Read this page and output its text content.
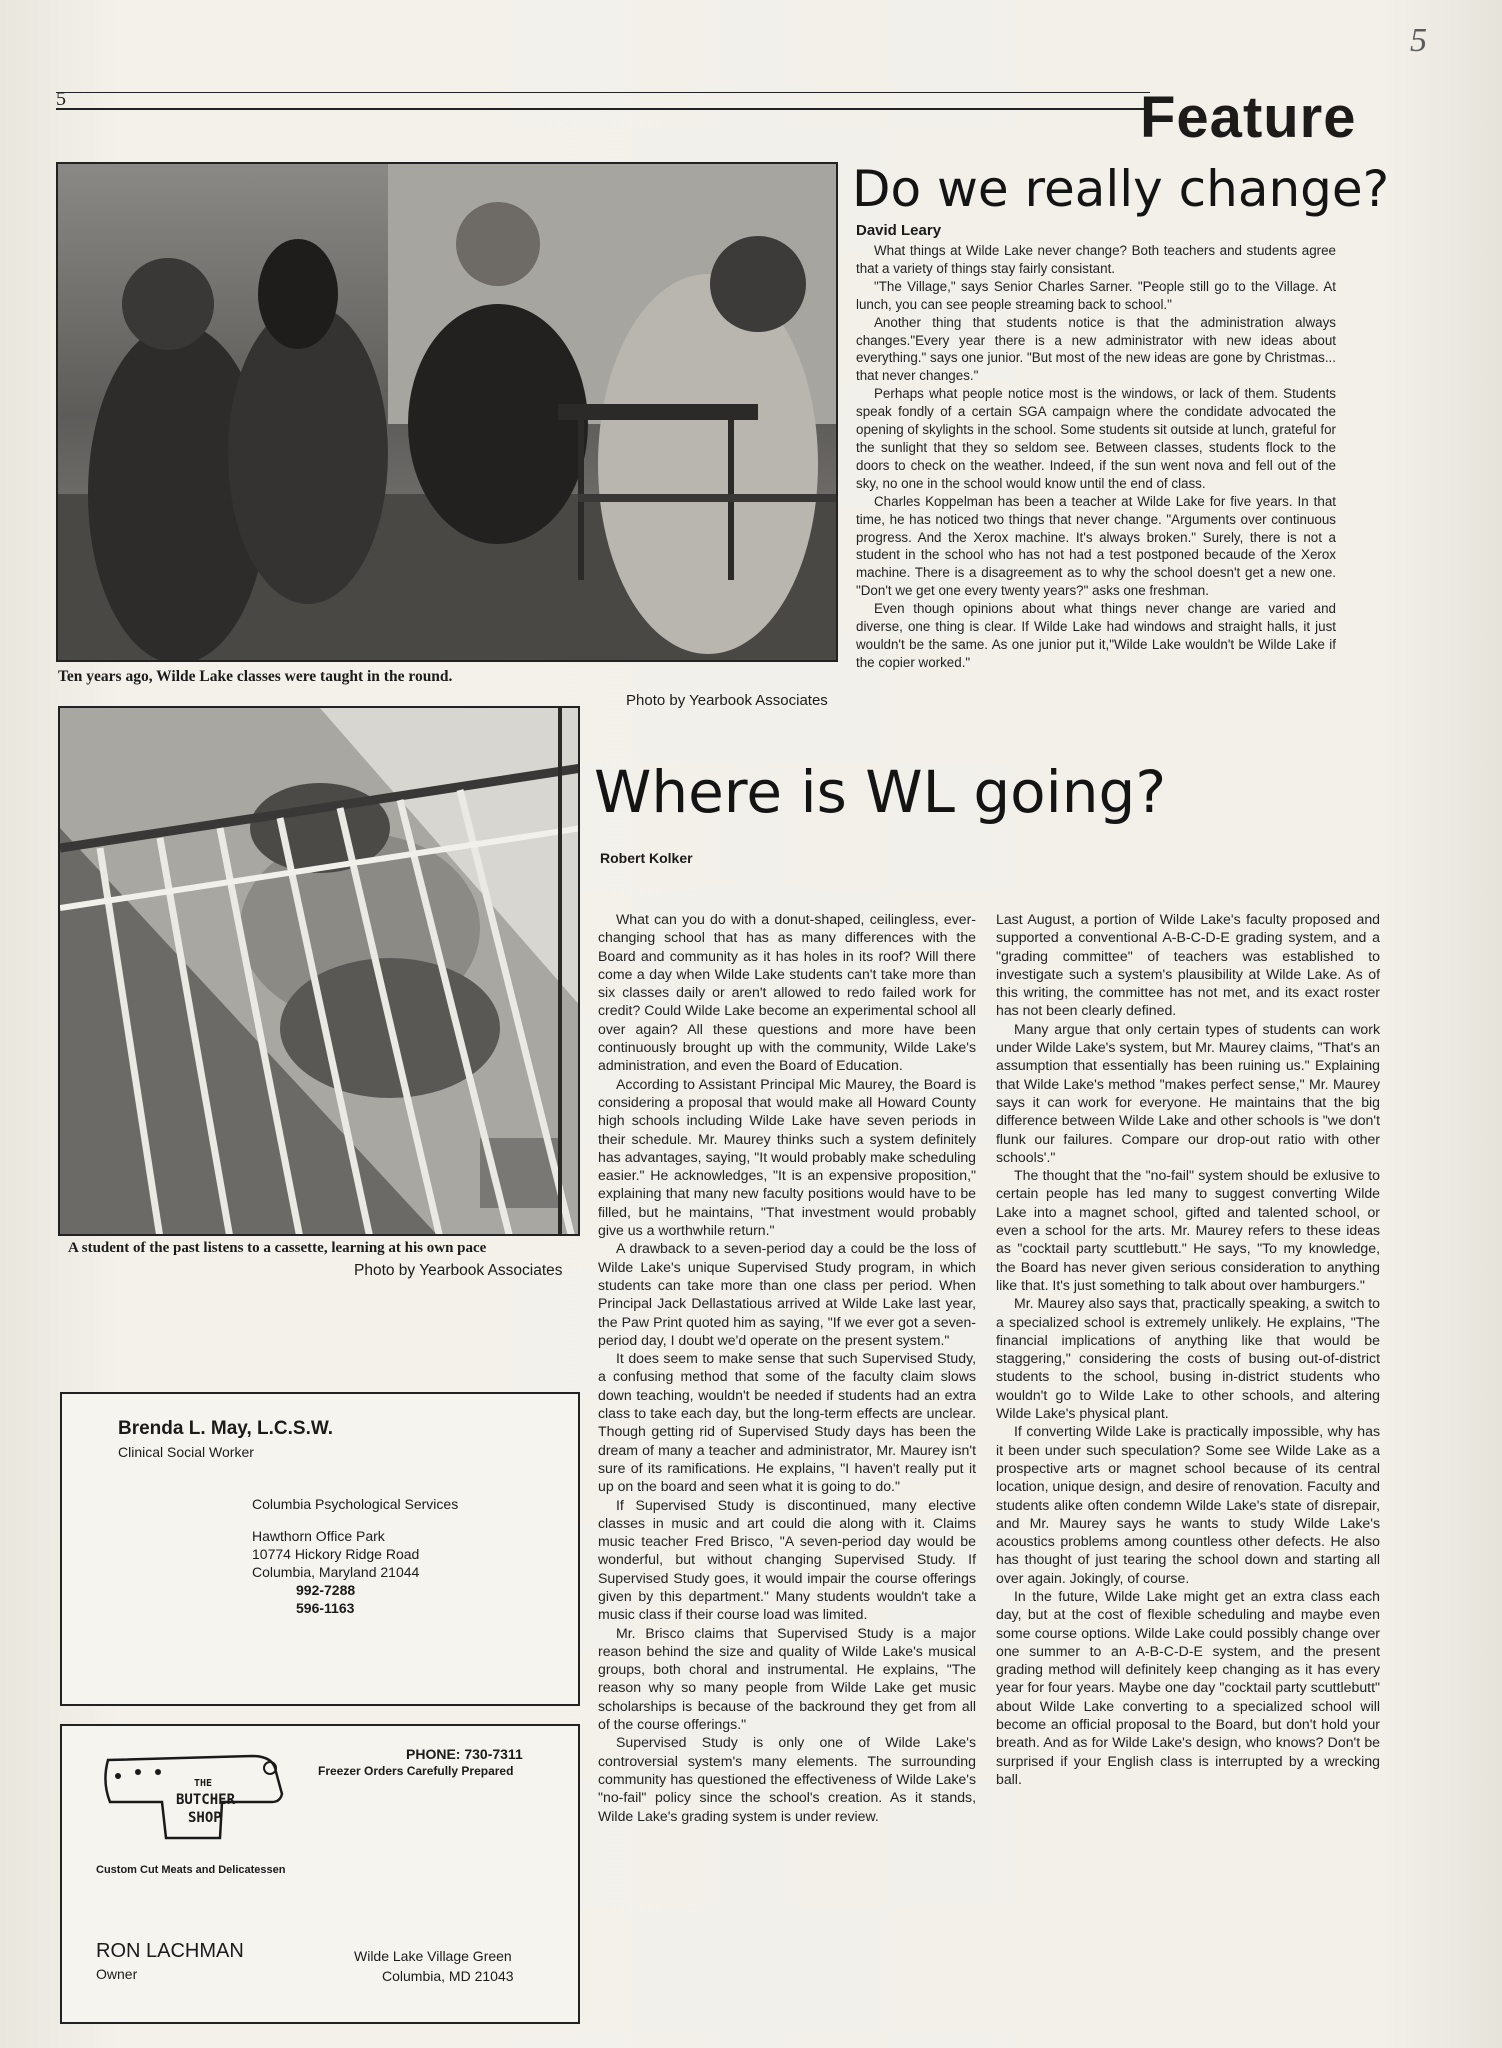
5
5	Feature
Ten years ago, Wilde Lake classes were taught in the round.
Photo by Yearbook Associates
Do we really change?
David Leary

What things at Wilde Lake never change? Both teachers and students agree that a variety of things stay fairly consistant.

"The Village," says Senior Charles Sarner. "People still go to the Village. At lunch, you can see people streaming back to school."

Another thing that students notice is that the administration always changes."Every year there is a new administrator with new ideas about everything." says one junior. "But most of the new ideas are gone by Christmas... that never changes."

Perhaps what people notice most is the windows, or lack of them. Students speak fondly of a certain SGA campaign where the condidate advocated the opening of skylights in the school. Some students sit outside at lunch, grateful for the sunlight that they so seldom see. Between classes, students flock to the doors to check on the weather. Indeed, if the sun went nova and fell out of the sky, no one in the school would know until the end of class.

Charles Koppelman has been a teacher at Wilde Lake for five years. In that time, he has noticed two things that never change. "Arguments over continuous progress. And the Xerox machine. It's always broken." Surely, there is not a student in the school who has not had a test postponed becaude of the Xerox machine. There is a disagreement as to why the school doesn't get a new one. "Don't we get one every twenty years?" asks one freshman.

Even though opinions about what things never change are varied and diverse, one thing is clear. If Wilde Lake had windows and straight halls, it just wouldn't be the same. As one junior put it,"Wilde Lake wouldn't be Wilde Lake if the copier worked."

A student of the past listens to a cassette, learning at his own pace
Photo by Yearbook Associates
Where is WL going?
Robert Kolker

What can you do with a donut-shaped, ceilingless, ever-changing school that has as many differences with the Board and community as it has holes in its roof? Will there come a day when Wilde Lake students can't take more than six classes daily or aren't allowed to redo failed work for credit? Could Wilde Lake become an experimental school all over again? All these questions and more have been continuously brought up with the community, Wilde Lake's administration, and even the Board of Education.

According to Assistant Principal Mic Maurey, the Board is considering a proposal that would make all Howard County high schools including Wilde Lake have seven periods in their schedule. Mr. Maurey thinks such a system definitely has advantages, saying, "It would probably make scheduling easier." He acknowledges, "It is an expensive proposition," explaining that many new faculty positions would have to be filled, but he maintains, "That investment would probably give us a worthwhile return."

A drawback to a seven-period day a could be the loss of Wilde Lake's unique Supervised Study program, in which students can take more than one class per period. When Principal Jack Dellastatious arrived at Wilde Lake last year, the Paw Print quoted him as saying, "If we ever got a seven-period day, I doubt we'd operate on the present system."

It does seem to make sense that such Supervised Study, a confusing method that some of the faculty claim slows down teaching, wouldn't be needed if students had an extra class to take each day, but the long-term effects are unclear. Though getting rid of Supervised Study days has been the dream of many a teacher and administrator, Mr. Maurey isn't sure of its ramifications. He explains, "I haven't really put it up on the board and seen what it is going to do."

If Supervised Study is discontinued, many elective classes in music and art could die along with it. Claims music teacher Fred Brisco, "A seven-period day would be wonderful, but without changing Supervised Study. If Supervised Study goes, it would impair the course offerings given by this department." Many students wouldn't take a music class if their course load was limited.

Mr. Brisco claims that Supervised Study is a major reason behind the size and quality of Wilde Lake's musical groups, both choral and instrumental. He explains, "The reason why so many people from Wilde Lake get music scholarships is because of the backround they get from all of the course offerings."

Supervised Study is only one of Wilde Lake's controversial system's many elements. The surrounding community has questioned the effectiveness of Wilde Lake's "no-fail" policy since the school's creation. As it stands, Wilde Lake's grading system is under review.

Last August, a portion of Wilde Lake's faculty proposed and supported a conventional A-B-C-D-E grading system, and a "grading committee" of teachers was established to investigate such a system's plausibility at Wilde Lake. As of this writing, the committee has not met, and its exact roster has not been clearly defined.

Many argue that only certain types of students can work under Wilde Lake's system, but Mr. Maurey claims, "That's an assumption that essentially has been ruining us." Explaining that Wilde Lake's method "makes perfect sense," Mr. Maurey says it can work for everyone. He maintains that the big difference between Wilde Lake and other schools is "we don't flunk our failures. Compare our drop-out ratio with other schools'."

The thought that the "no-fail" system should be exlusive to certain people has led many to suggest converting Wilde Lake into a magnet school, gifted and talented school, or even a school for the arts. Mr. Maurey refers to these ideas as "cocktail party scuttlebutt." He says, "To my knowledge, the Board has never given serious consideration to anything like that. It's just something to talk about over hamburgers."

Mr. Maurey also says that, practically speaking, a switch to a specialized school is extremely unlikely. He explains, "The financial implications of anything like that would be staggering," considering the costs of busing out-of-district students to the school, busing in-district students who wouldn't go to Wilde Lake to other schools, and altering Wilde Lake's physical plant.

If converting Wilde Lake is practically impossible, why has it been under such speculation? Some see Wilde Lake as a prospective arts or magnet school because of its central location, unique design, and desire of renovation. Faculty and students alike often condemn Wilde Lake's state of disrepair, and Mr. Maurey says he wants to study Wilde Lake's acoustics problems among countless other defects. He also has thought of just tearing the school down and starting all over again. Jokingly, of course.

In the future, Wilde Lake might get an extra class each day, but at the cost of flexible scheduling and maybe even some course options. Wilde Lake could possibly change over one summer to an A-B-C-D-E system, and the present grading method will definitely keep changing as it has every year for four years. Maybe one day "cocktail party scuttlebutt" about Wilde Lake converting to a specialized school will become an official proposal to the Board, but don't hold your breath. And as for Wilde Lake's design, who knows? Don't be surprised if your English class is interrupted by a wrecking ball.

Brenda L. May, L.C.S.W.
Clinical Social Worker
Columbia Psychological Services
Hawthorn Office Park
10774 Hickory Ridge Road
Columbia, Maryland 21044
992-7288
596-1163
THE
BUTCHER
SHOP
PHONE: 730-7311
Freezer Orders Carefully Prepared
Custom Cut Meats and Delicatessen
RON LACHMAN
Owner
Wilde Lake Village Green
Columbia, MD 21043
